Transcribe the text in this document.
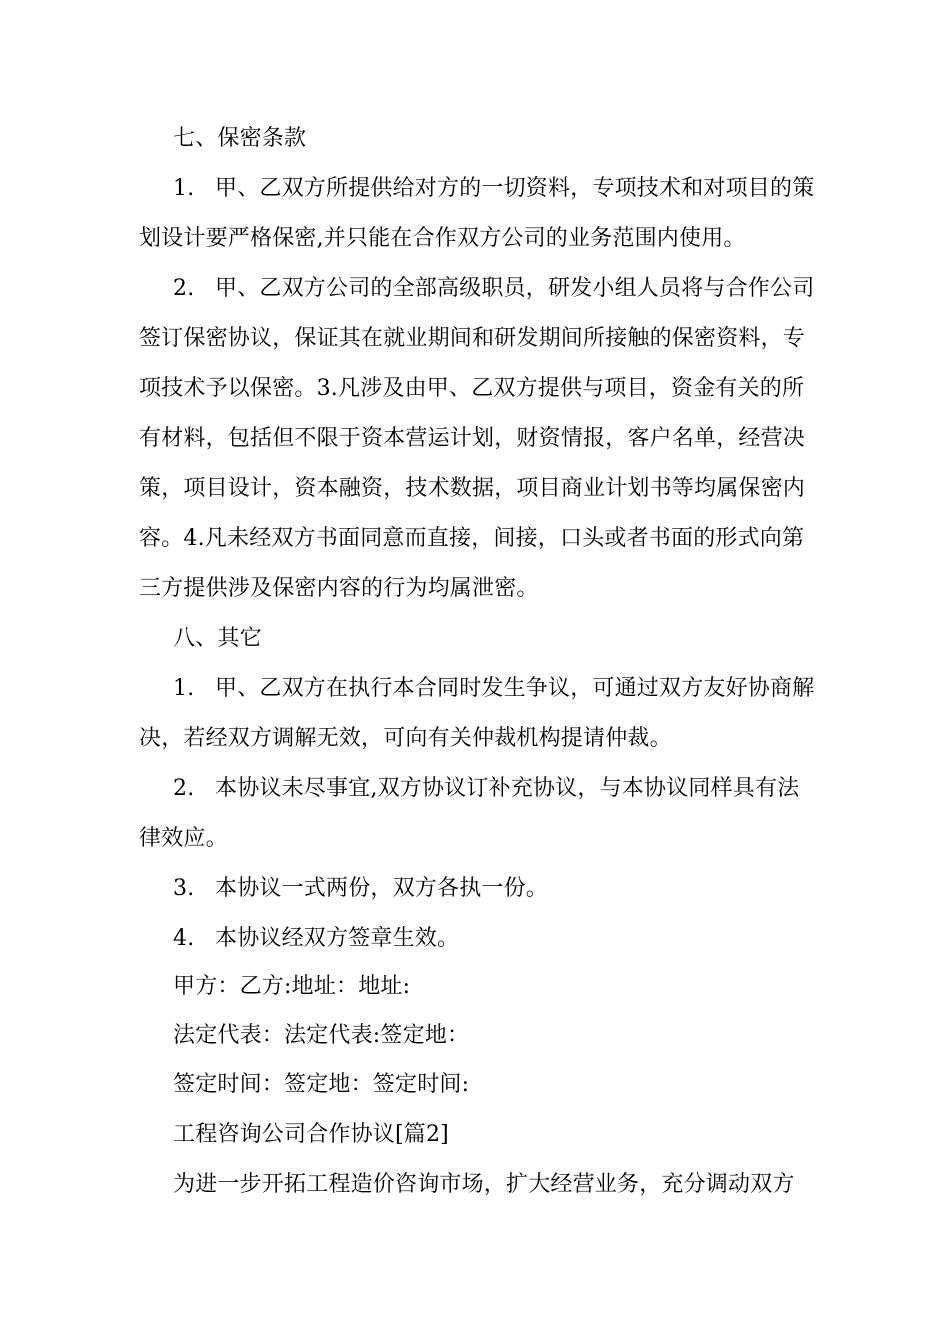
七、保密条款
1. 甲、乙双方所提供给对方的一切资料，专项技术和对项目的策
划设计要严格保密,并只能在合作双方公司的业务范围内使用。
2. 甲、乙双方公司的全部高级职员，研发小组人员将与合作公司
签订保密协议，保证其在就业期间和研发期间所接触的保密资料，专
项技术予以保密。3.凡涉及由甲、乙双方提供与项目，资金有关的所
有材料，包括但不限于资本营运计划，财资情报，客户名单，经营决
策，项目设计，资本融资，技术数据，项目商业计划书等均属保密内
容。4.凡未经双方书面同意而直接，间接，口头或者书面的形式向第
三方提供涉及保密内容的行为均属泄密。
八、其它
1. 甲、乙双方在执行本合同时发生争议，可通过双方友好协商解
决，若经双方调解无效，可向有关仲裁机构提请仲裁。
2. 本协议未尽事宜,双方协议订补充协议，与本协议同样具有法
律效应。
3. 本协议一式两份，双方各执一份。
4. 本协议经双方签章生效。
甲方：乙方:地址：地址:
法定代表：法定代表:签定地：
签定时间：签定地：签定时间:
工程咨询公司合作协议[篇2]
为进一步开拓工程造价咨询市场，扩大经营业务，充分调动双方
